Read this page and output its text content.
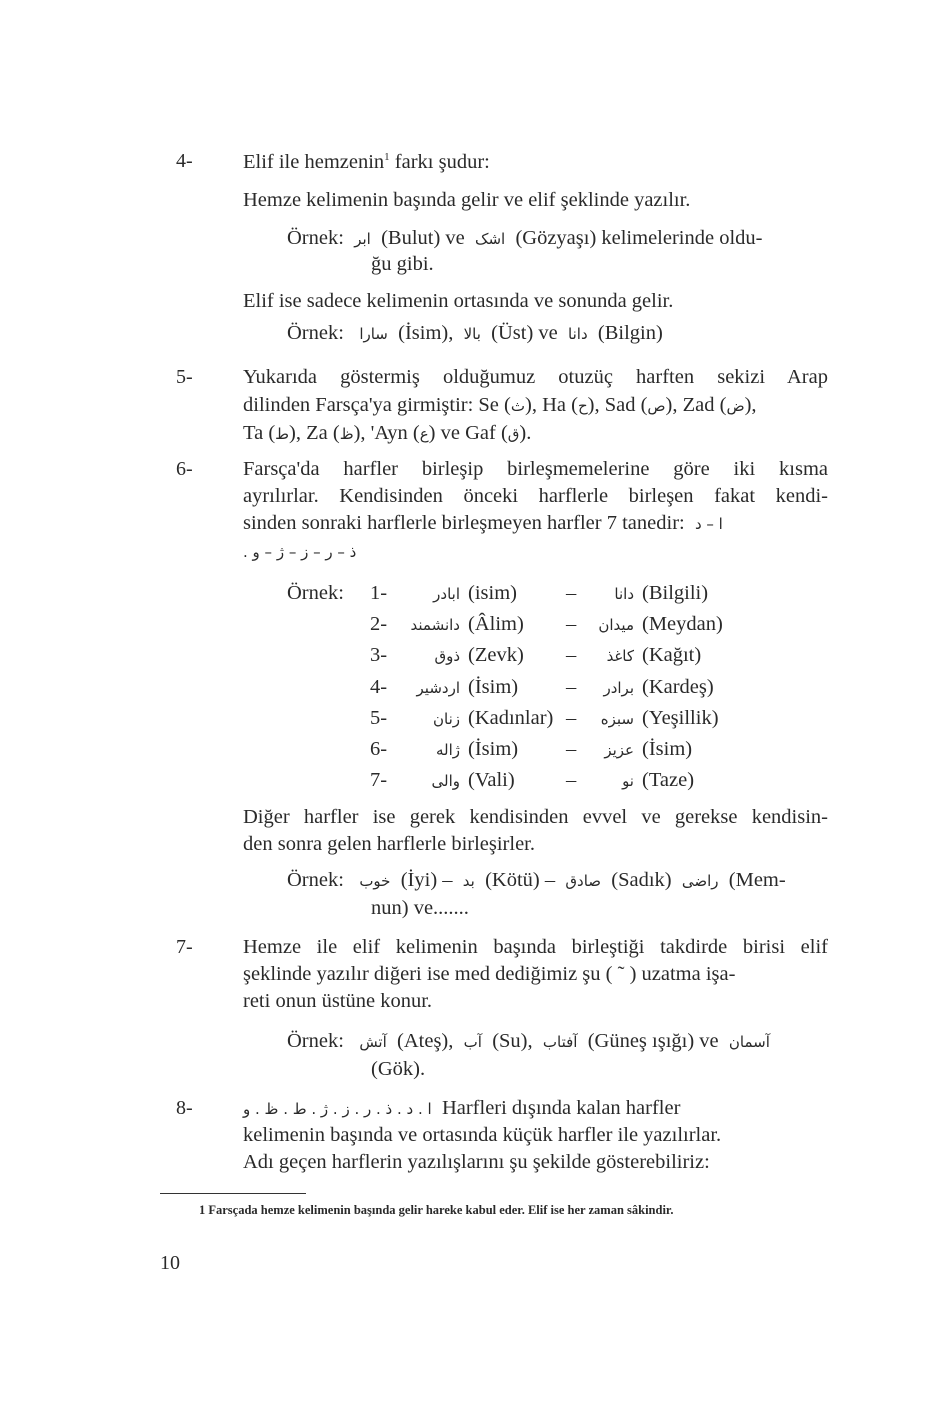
4- Elif ile hemzenin$^1$ farkı şudur:
Hemze kelimenin başında gelir ve elif şeklinde yazılır.
Örnek: ابر (Bulut) ve اشک (Gözyaşı) kelimelerinde oldu-
ğu gibi.
Elif ise sadece kelimenin ortasında ve sonunda gelir.
Örnek: سارا (İsim), بالا (Üst) ve دانا (Bilgin)
5- Yukarıda göstermiş olduğumuz otuzüç harften sekizi Arap
dilinden Farsça'ya girmiştir: Se (ث), Ha (ح), Sad (ص), Zad (ض),
Ta (ط), Za (ظ), 'Ayn (ع) ve Gaf (ق).
6- Farsça'da harfler birleşip birleşmemelerine göre iki kısma
ayrılırlar. Kendisinden önceki harflerle birleşen fakat kendi-
sinden sonraki harflerle birleşmeyen harfler 7 tanedir: ا – د
ذ – ر – ز – ژ – و .
Örnek: 1-	ابادر (isim) –	دانا (Bilgili)
2- دانشمند (Âlim) – میدان (Meydan)
3-	ذوق (Zevk) – کاغذ (Kağıt)
4- اردشیر (İsim) – برادر (Kardeş)
5-	زنان (Kadınlar) – سبزه (Yeşillik)
6-	ژاله (İsim) – عزیز (İsim)
7-	والی (Vali)	–	نو (Taze)
Diğer harfler ise gerek kendisinden evvel ve gerekse kendisin-
den sonra gelen harflerle birleşirler.
Örnek: خوب (İyi) – بد (Kötü) – صادق (Sadık) راضی (Mem-
nun) ve.......
7- Hemze ile elif kelimenin başında birleştiği takdirde birisi elif
şeklinde yazılır diğeri ise med dediğimiz şu ( ˜ ) uzatma işa-
reti onun üstüne konur.
Örnek: آتش (Ateş), آب (Su), آفتاب (Güneş ışığı) ve آسمان
(Gök).
8-	ا . د . ذ . ر . ز . ژ . ط . ظ . و Harfleri dışında kalan harfler
kelimenin başında ve ortasında küçük harfler ile yazılırlar.
Adı geçen harflerin yazılışlarını şu şekilde gösterebiliriz:
1 Farsçada hemze kelimenin başında gelir hareke kabul eder. Elif ise her zaman sâkindir.
10
